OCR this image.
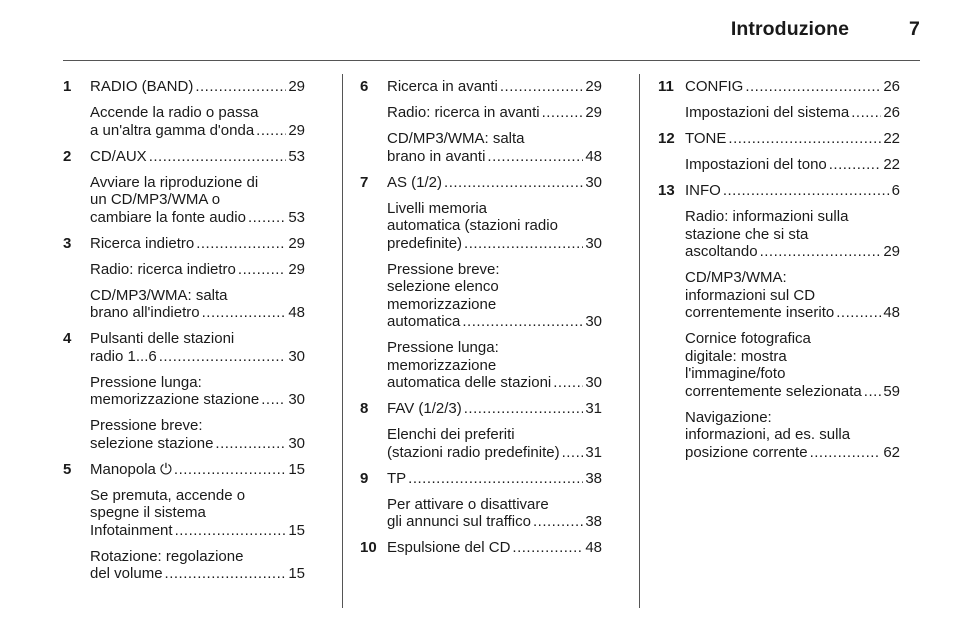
Introduzione	7
1	RADIO (BAND) .....	29
Accende la radio o passa
a un'altra gamma d'onda ..... 29
2	CD/AUX .....	53
Avviare la riproduzione di
un CD/MP3/WMA o
cambiare la fonte audio .....	53
3	Ricerca indietro .....	29
Radio: ricerca indietro .....	29
CD/MP3/WMA: salta
brano all'indietro .....	48
4	Pulsanti delle stazioni
radio 1...6 .....	30
Pressione lunga:
memorizzazione stazione ..... 30
Pressione breve:
selezione stazione .....	30
5	Manopola ⏻ .....	15
Se premuta, accende o
spegne il sistema
Infotainment .....	15
Rotazione: regolazione
del volume .....	15
6	Ricerca in avanti .....	29
Radio: ricerca in avanti .....	29
CD/MP3/WMA: salta
brano in avanti .....	48
7	AS (1/2) .....	30
Livelli memoria
automatica (stazioni radio
predefinite) .....	30
Pressione breve:
selezione elenco
memorizzazione
automatica .....	30
Pressione lunga:
memorizzazione
automatica delle stazioni ..... 30
8	FAV (1/2/3) .....	31
Elenchi dei preferiti
(stazioni radio predefinite) ..... 31
9	TP .....	38
Per attivare o disattivare
gli annunci sul traffico .....	38
10 Espulsione del CD .....	48
11 CONFIG .....	26
Impostazioni del sistema ..... 26
12 TONE .....	22
Impostazioni del tono .....	22
13 INFO .....	6
Radio: informazioni sulla
stazione che si sta
ascoltando .....	29
CD/MP3/WMA:
informazioni sul CD
correntemente inserito .....	48
Cornice fotografica
digitale: mostra
l'immagine/foto
correntemente selezionata ..... 59
Navigazione:
informazioni, ad es. sulla
posizione corrente .....	62
